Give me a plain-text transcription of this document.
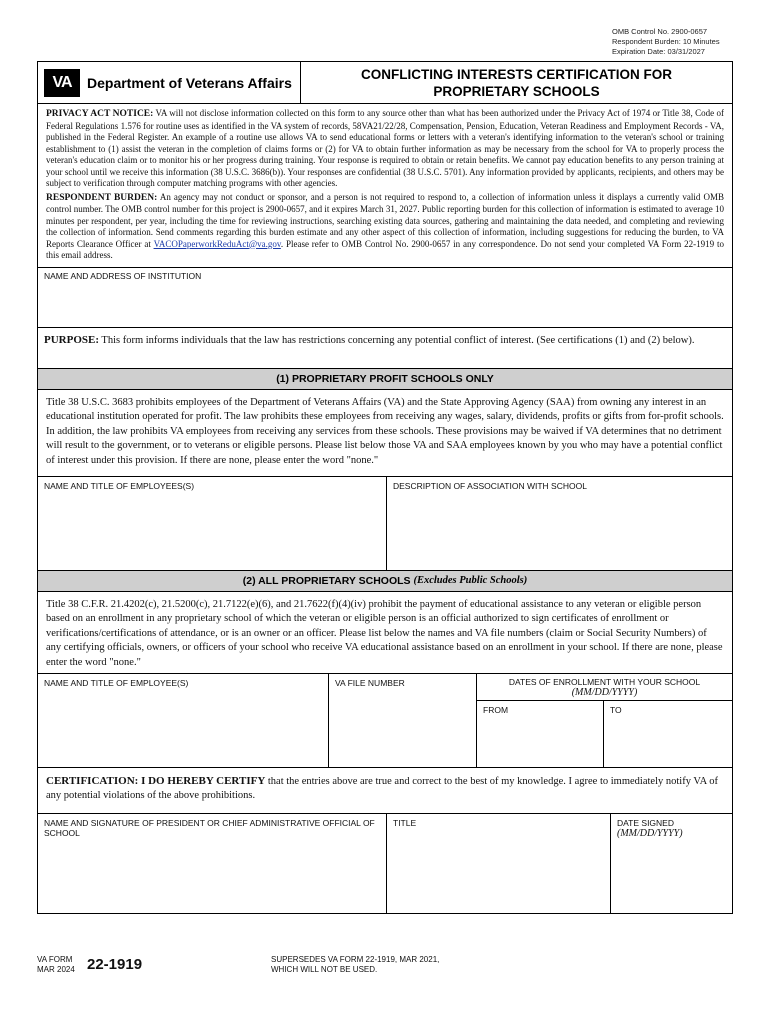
OMB Control No. 2900-0657
Respondent Burden: 10 Minutes
Expiration Date: 03/31/2027
VA	Department of Veterans Affairs
CONFLICTING INTERESTS CERTIFICATION FOR
PROPRIETARY SCHOOLS

PRIVACY ACT NOTICE: VA will not disclose information collected on this form to any source other than what has been authorized under the Privacy Act of 1974 or Title 38, Code of Federal Regulations 1.576 for routine uses as identified in the VA system of records, 58VA21/22/28, Compensation, Pension, Education, Veteran Readiness and Employment Records - VA, published in the Federal Register. An example of a routine use allows VA to send educational forms or letters with a veteran's identifying information to the veteran's school or training establishment to (1) assist the veteran in the completion of claims forms or (2) for VA to obtain further information as may be necessary from the school for VA to properly process the veteran's education claim or to monitor his or her progress during training. Your response is required to obtain or retain benefits. We cannot pay education benefits to any person training at your school until we receive this information (38 U.S.C. 3686(b)). Your responses are confidential (38 U.S.C. 5701). Any information provided by applicants, recipients, and others may be subject to verification through computer matching programs with other agencies.

RESPONDENT BURDEN: An agency may not conduct or sponsor, and a person is not required to respond to, a collection of information unless it displays a currently valid OMB control number. The OMB control number for this project is 2900-0657, and it expires March 31, 2027. Public reporting burden for this collection of information is estimated to average 10 minutes per respondent, per year, including the time for reviewing instructions, searching existing data sources, gathering and maintaining the data needed, and completing and reviewing the collection of information. Send comments regarding this burden estimate and any other aspect of this collection of information, including suggestions for reducing the burden, to VA Reports Clearance Officer at VACOPaperworkReduAct@va.gov. Please refer to OMB Control No. 2900-0657 in any correspondence. Do not send your completed VA Form 22-1919 to this email address.

NAME AND ADDRESS OF INSTITUTION
PURPOSE: This form informs individuals that the law has restrictions concerning any potential conflict of interest. (See certifications (1) and (2) below).
(1) PROPRIETARY PROFIT SCHOOLS ONLY
Title 38 U.S.C. 3683 prohibits employees of the Department of Veterans Affairs (VA) and the State Approving Agency (SAA) from owning any interest in an educational institution operated for profit. The law prohibits these employees from receiving any wages, salary, dividends, profits or gifts from for-profit schools. In addition, the law prohibits VA employees from receiving any services from these schools. These provisions may be waived if VA determines that no detriment will result to the government, or to veterans or eligible persons. Please list below those VA and SAA employees known by you who may have a potential conflict of interest under this provision. If there are none, please enter the word "none."
NAME AND TITLE OF EMPLOYEES(S)	DESCRIPTION OF ASSOCIATION WITH SCHOOL
(2) ALL PROPRIETARY SCHOOLS
(Excludes Public Schools)
Title 38 C.F.R. 21.4202(c), 21.5200(c), 21.7122(e)(6), and 21.7622(f)(4)(iv) prohibit the payment of educational assistance to any veteran or eligible person based on an enrollment in any proprietary school of which the veteran or eligible person is an official authorized to sign certificates of enrollment or verifications/certifications of attendance, or is an owner or an officer. Please list below the names and VA file numbers (claim or Social Security Numbers) of any certifying officials, owners, or officers of your school who receive VA educational assistance based on an enrollment in your school. If there are none, please enter the word "none."
NAME AND TITLE OF EMPLOYEE(S)	VA FILE NUMBER	DATES OF ENROLLMENT WITH YOUR SCHOOL
(MM/DD/YYYY)
FROM	TO
CERTIFICATION: I DO HEREBY CERTIFY that the entries above are true and correct to the best of my knowledge. I agree to immediately notify VA of any potential violations of the above prohibitions.
NAME AND SIGNATURE OF PRESIDENT OR CHIEF ADMINISTRATIVE OFFICIAL OF SCHOOL
TITLE	DATE SIGNED
(MM/DD/YYYY)
VA FORM
MAR 2024 22-1919	SUPERSEDES VA FORM 22-1919, MAR 2021,
WHICH WILL NOT BE USED.
